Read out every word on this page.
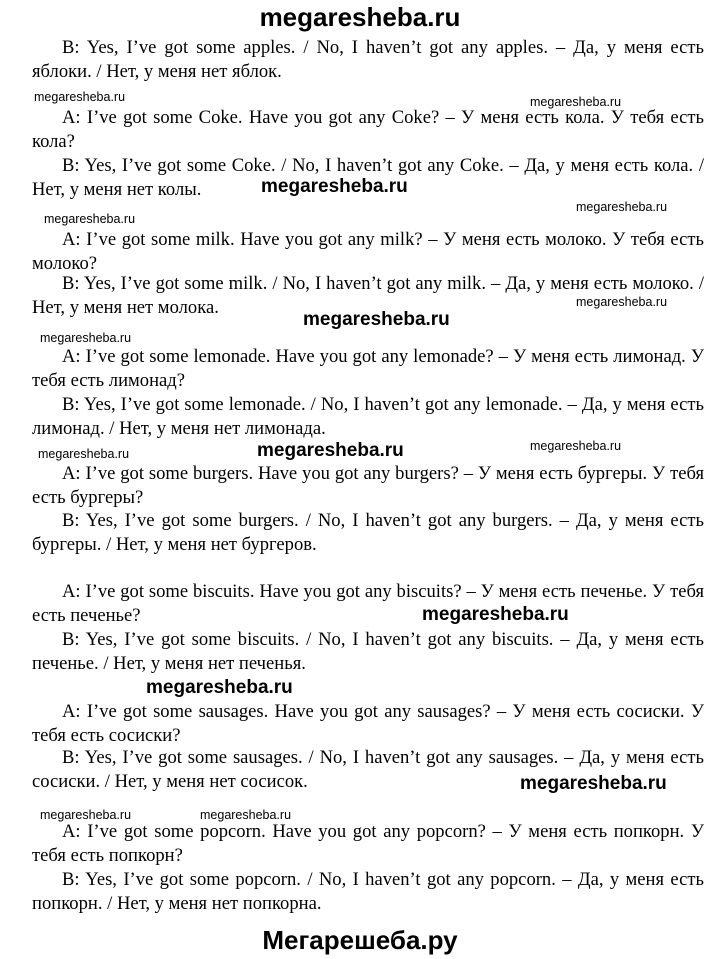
megaresheba.ru

B: Yes, I’ve got some apples. / No, I haven’t got any apples. – Да, у меня есть яблоки. / Нет, у меня нет яблок.

A: I’ve got some Coke. Have you got any Coke? – У меня есть кола. У тебя есть кола?

B: Yes, I’ve got some Coke. / No, I haven’t got any Coke. – Да, у меня есть кола. / Нет, у меня нет колы.

A: I’ve got some milk. Have you got any milk? – У меня есть молоко. У тебя есть молоко?

B: Yes, I’ve got some milk. / No, I haven’t got any milk. – Да, у меня есть молоко. / Нет, у меня нет молока.

A: I’ve got some lemonade. Have you got any lemonade? – У меня есть лимонад. У тебя есть лимонад?

B: Yes, I’ve got some lemonade. / No, I haven’t got any lemonade. – Да, у меня есть лимонад. / Нет, у меня нет лимонада.

A: I’ve got some burgers. Have you got any burgers? – У меня есть бургеры. У тебя есть бургеры?

B: Yes, I’ve got some burgers. / No, I haven’t got any burgers. – Да, у меня есть бургеры. / Нет, у меня нет бургеров.

A: I’ve got some biscuits. Have you got any biscuits? – У меня есть печенье. У тебя есть печенье?

B: Yes, I’ve got some biscuits. / No, I haven’t got any biscuits. – Да, у меня есть печенье. / Нет, у меня нет печенья.

A: I’ve got some sausages. Have you got any sausages? – У меня есть сосиски. У тебя есть сосиски?

B: Yes, I’ve got some sausages. / No, I haven’t got any sausages. – Да, у меня есть сосиски. / Нет, у меня нет сосисок.

A: I’ve got some popcorn. Have you got any popcorn? – У меня есть попкорн. У тебя есть попкорн?

B: Yes, I’ve got some popcorn. / No, I haven’t got any popcorn. – Да, у меня есть попкорн. / Нет, у меня нет попкорна.

megaresheba.ru	megaresheba.ru
megaresheba.ru
megaresheba.ru
megaresheba.ru
megaresheba.ru
megaresheba.ru
megaresheba.ru
megaresheba.ru
megaresheba.ru
megaresheba.ru
megaresheba.ru
megaresheba.ru
megaresheba.ru
megaresheba.ru	megaresheba.ru
Мегарешеба.ру
